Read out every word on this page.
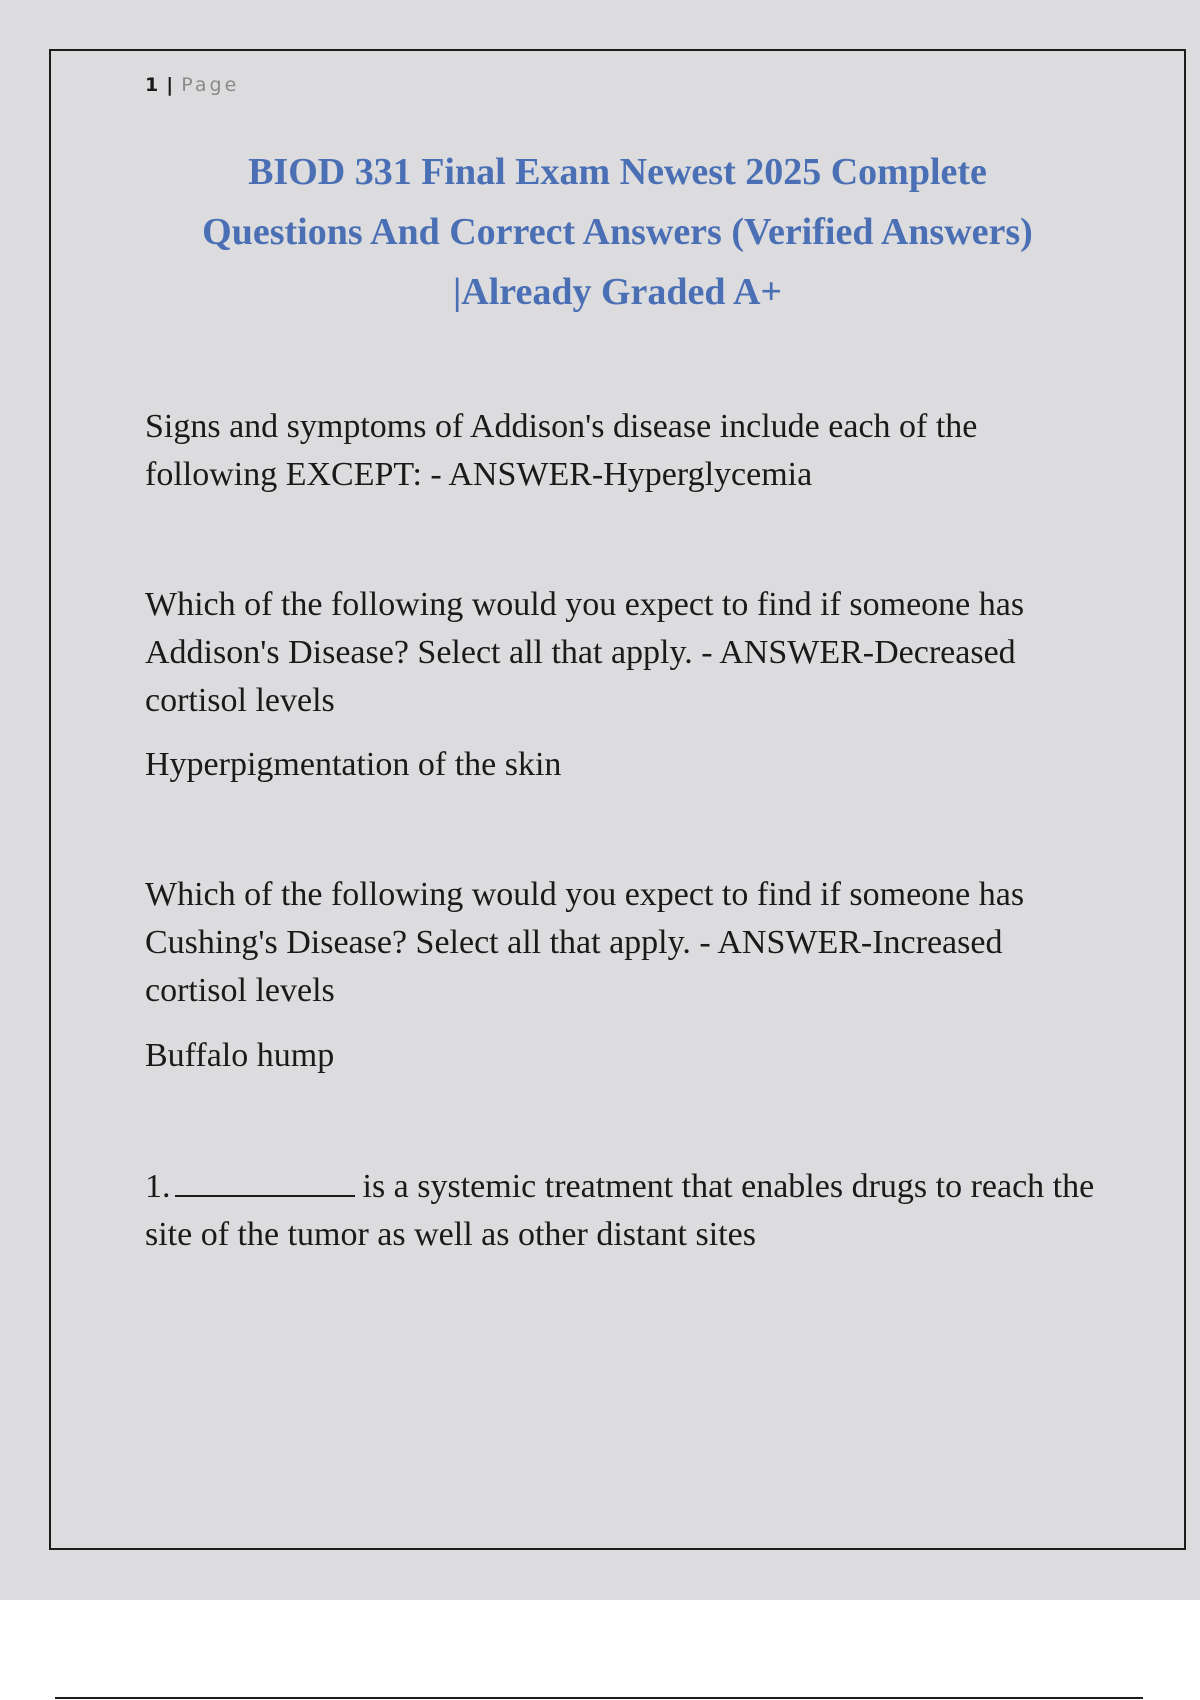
1 | Page
BIOD 331 Final Exam Newest 2025 Complete
Questions And Correct Answers (Verified Answers)
|Already Graded A+

Signs and symptoms of Addison's disease include each of the following EXCEPT: - ANSWER-Hyperglycemia

Which of the following would you expect to find if someone has Addison's Disease? Select all that apply. - ANSWER-Decreased cortisol levels

Hyperpigmentation of the skin

Which of the following would you expect to find if someone has Cushing's Disease? Select all that apply. - ANSWER-Increased cortisol levels

Buffalo hump

1.	is a systemic treatment that enables drugs to reach the site of the tumor as well as other distant sites
